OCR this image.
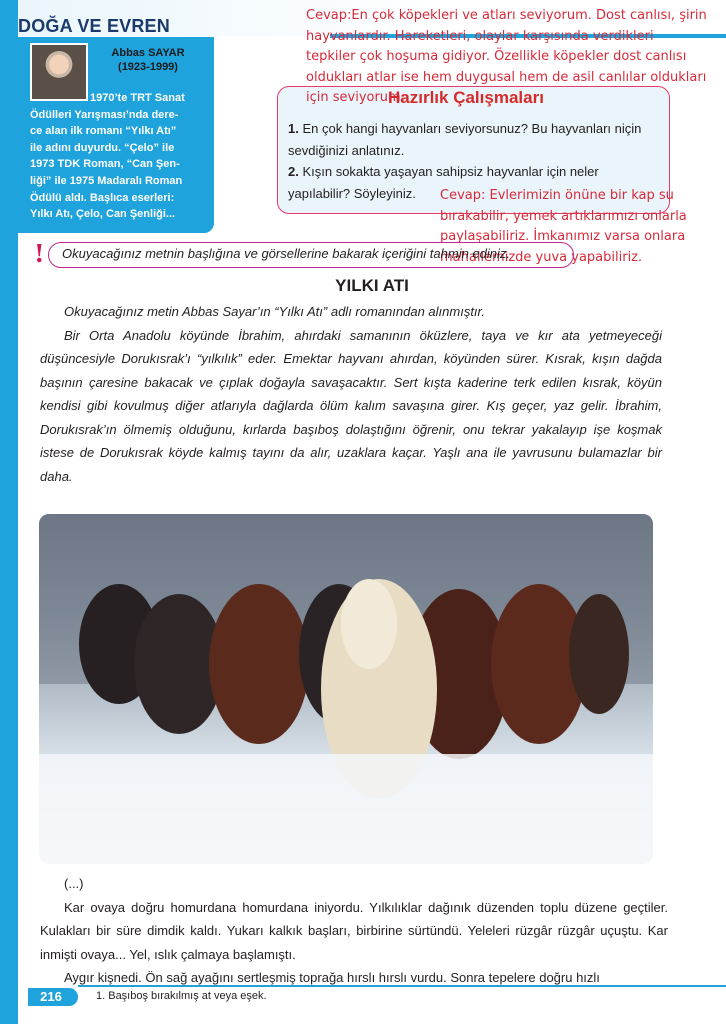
DOĞA VE EVREN
Abbas SAYAR
(1923-1999)
1970’te TRT Sanat
Ödülleri Yarışması’nda dere-
ce alan ilk romanı “Yılkı Atı”
ile adını duyurdu. “Çelo” ile
1973 TDK Roman, “Can Şen-
liği” ile 1975 Madaralı Roman
Ödülü aldı. Başlıca eserleri:
Yılkı Atı, Çelo, Can Şenliği...
Hazırlık Çalışmaları
1. En çok hangi hayvanları seviyorsunuz? Bu hayvanları niçin sevdiğinizi anlatınız.
2. Kışın sokakta yaşayan sahipsiz hayvanlar için neler yapılabilir? Söyleyiniz.
Cevap:En çok köpekleri ve atları seviyorum. Dost canlısı, şirin
hayvanlardır. Hareketleri, olaylar karşısında verdikleri
tepkiler çok hoşuma gidiyor. Özellikle köpekler dost canlısı
oldukları atlar ise hem duygusal hem de asil canlılar oldukları
için seviyorum.
Cevap: Evlerimizin önüne bir kap su
bırakabilir, yemek artıklarımızı onlarla
paylaşabiliriz. İmkanımız varsa onlara
mahallemizde yuva yapabiliriz.
! Okuyacağınız metnin başlığına ve görsellerine bakarak içeriğini tahmin ediniz.
YILKI ATI

Okuyacağınız metin Abbas Sayar’ın “Yılkı Atı” adlı romanından alınmıştır.

Bir Orta Anadolu köyünde İbrahim, ahırdaki samanının öküzlere, taya ve kır ata yetmeyeceği düşüncesiyle Dorukısrak’ı “yılkılık” eder. Emektar hayvanı ahırdan, köyünden sürer. Kısrak, kışın dağda başının çaresine bakacak ve çıplak doğayla savaşacaktır. Sert kışta kaderine terk edilen kısrak, köyün kendisi gibi kovulmuş diğer atlarıyla dağlarda ölüm kalım savaşına girer. Kış geçer, yaz gelir. İbrahim, Dorukısrak’ın ölmemiş olduğunu, kırlarda başıboş dolaştığını öğrenir, onu tekrar yakalayıp işe koşmak istese de Dorukısrak köyde kalmış tayını da alır, uzaklara kaçar. Yaşlı ana ile yavrusunu bulamazlar bir daha.

(...)

Kar ovaya doğru homurdana homurdana iniyordu. Yılkılıklar dağınık düzenden toplu düzene geçtiler. Kulakları bir süre dimdik kaldı. Yukarı kalkık başları, birbirine sürtündü. Yeleleri rüzgâr rüzgâr uçuştu. Kar inmişti ovaya... Yel, ıslık çalmaya başlamıştı.

Aygır kişnedi. Ön sağ ayağını sertleşmiş toprağa hırslı hırslı vurdu. Sonra tepelere doğru hızlı

216	1. Başıboş bırakılmış at veya eşek.
